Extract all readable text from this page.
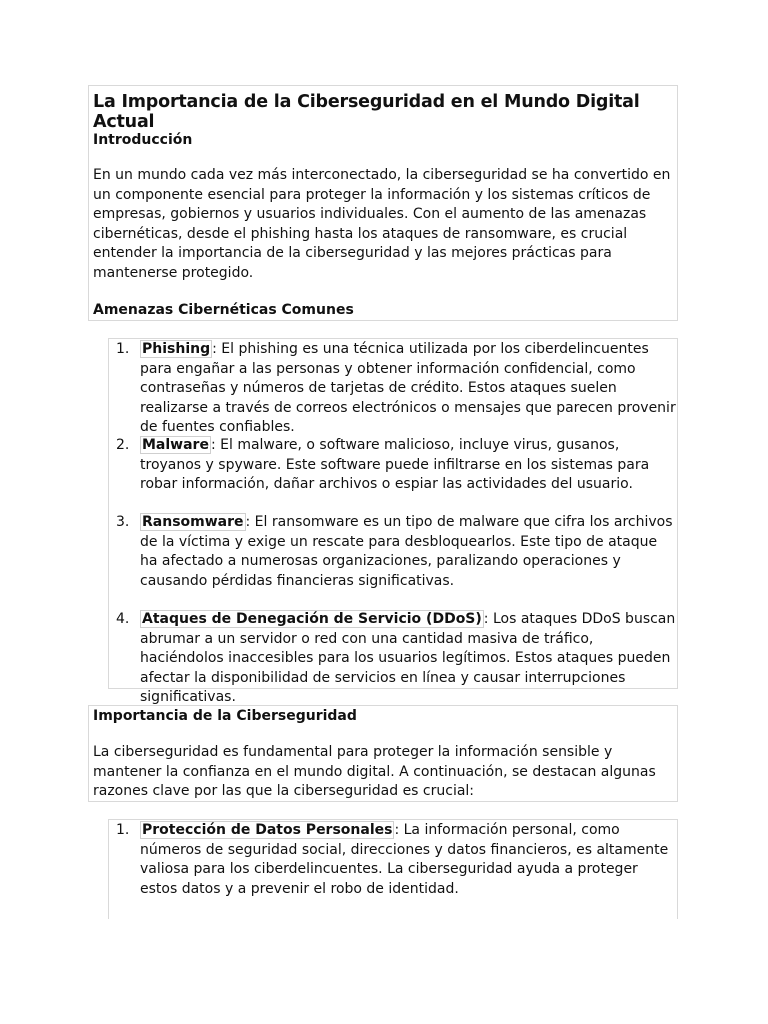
La Importancia de la Ciberseguridad en el Mundo Digital Actual
Introducción

En un mundo cada vez más interconectado, la ciberseguridad se ha convertido en un componente esencial para proteger la información y los sistemas críticos de empresas, gobiernos y usuarios individuales. Con el aumento de las amenazas cibernéticas, desde el phishing hasta los ataques de ransomware, es crucial entender la importancia de la ciberseguridad y las mejores prácticas para mantenerse protegido.

Amenazas Cibernéticas Comunes
1. Phishing : El phishing es una técnica utilizada por los ciberdelincuentes para engañar a las personas y obtener información confidencial, como contraseñas y números de tarjetas de crédito. Estos ataques suelen realizarse a través de correos electrónicos o mensajes que parecen provenir de fuentes confiables.
2. Malware : El malware, o software malicioso, incluye virus, gusanos, troyanos y spyware. Este software puede infiltrarse en los sistemas para robar información, dañar archivos o espiar las actividades del usuario.
3. Ransomware : El ransomware es un tipo de malware que cifra los archivos de la víctima y exige un rescate para desbloquearlos. Este tipo de ataque ha afectado a numerosas organizaciones, paralizando operaciones y causando pérdidas financieras significativas.
4. Ataques de Denegación de Servicio (DDoS) : Los ataques DDoS buscan abrumar a un servidor o red con una cantidad masiva de tráfico, haciéndolos inaccesibles para los usuarios legítimos. Estos ataques pueden afectar la disponibilidad de servicios en línea y causar interrupciones significativas.
Importancia de la Ciberseguridad

La ciberseguridad es fundamental para proteger la información sensible y mantener la confianza en el mundo digital. A continuación, se destacan algunas razones clave por las que la ciberseguridad es crucial:

1. Protección de Datos Personales : La información personal, como números de seguridad social, direcciones y datos financieros, es altamente valiosa para los ciberdelincuentes. La ciberseguridad ayuda a proteger estos datos y a prevenir el robo de identidad.
